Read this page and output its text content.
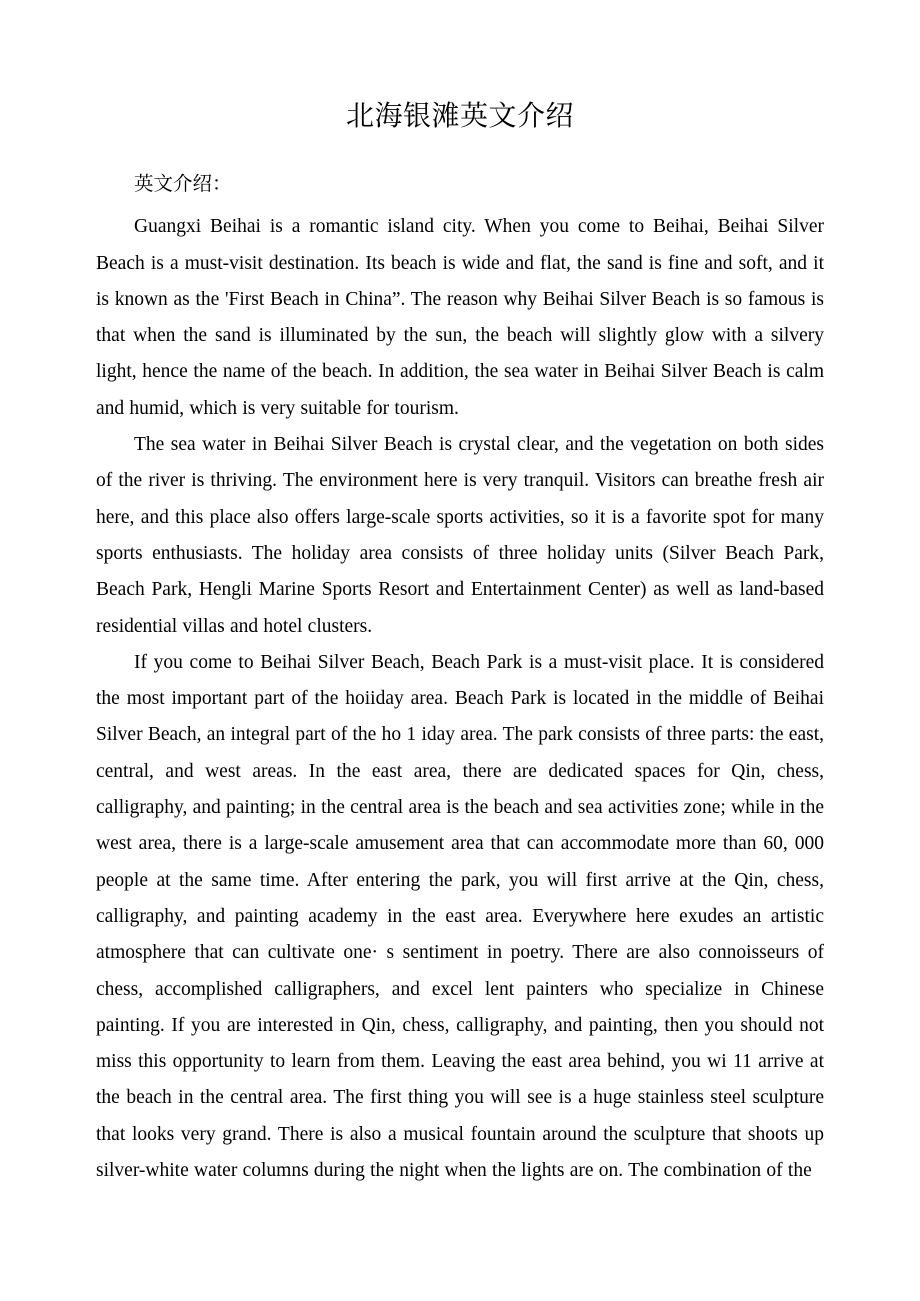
北海银滩英文介绍

英文介绍：

Guangxi Beihai is a romantic island city. When you come to Beihai, Beihai Silver Beach is a must-visit destination. Its beach is wide and flat, the sand is fine and soft, and it is known as the 'First Beach in China”. The reason why Beihai Silver Beach is so famous is that when the sand is illuminated by the sun, the beach will slightly glow with a silvery light, hence the name of the beach. In addition, the sea water in Beihai Silver Beach is calm and humid, which is very suitable for tourism.

The sea water in Beihai Silver Beach is crystal clear, and the vegetation on both sides of the river is thriving. The environment here is very tranquil. Visitors can breathe fresh air here, and this place also offers large-scale sports activities, so it is a favorite spot for many sports enthusiasts. The holiday area consists of three holiday units (Silver Beach Park, Beach Park, Hengli Marine Sports Resort and Entertainment Center) as well as land-based residential villas and hotel clusters.

If you come to Beihai Silver Beach, Beach Park is a must-visit place. It is considered the most important part of the hoiiday area. Beach Park is located in the middle of Beihai Silver Beach, an integral part of the ho 1 iday area. The park consists of three parts: the east, central, and west areas. In the east area, there are dedicated spaces for Qin, chess, calligraphy, and painting; in the central area is the beach and sea activities zone; while in the west area, there is a large-scale amusement area that can accommodate more than 60, 000 people at the same time. After entering the park, you will first arrive at the Qin, chess, calligraphy, and painting academy in the east area. Everywhere here exudes an artistic atmosphere that can cultivate one· s sentiment in poetry. There are also connoisseurs of chess, accomplished calligraphers, and excel lent painters who specialize in Chinese painting. If you are interested in Qin, chess, calligraphy, and painting, then you should not miss this opportunity to learn from them. Leaving the east area behind, you wi 11 arrive at the beach in the central area. The first thing you will see is a huge stainless steel sculpture that looks very grand. There is also a musical fountain around the sculpture that shoots up silver-white water columns during the night when the lights are on. The combination of the
